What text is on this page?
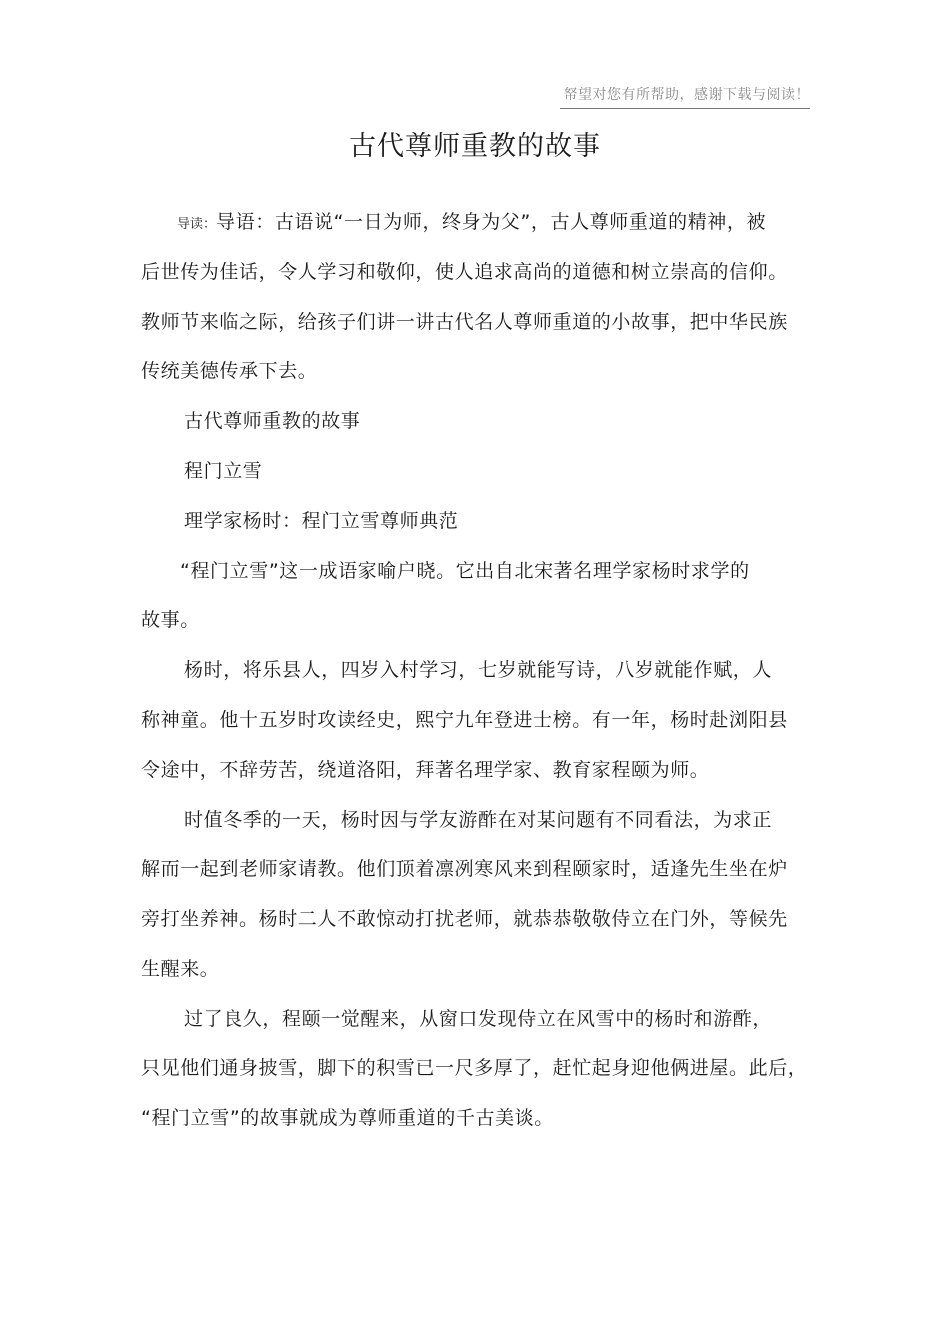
帑望对您有所帮助，感谢下载与阅读！
古代尊师重教的故事
导读：导语：古语说“一日为师，终身为父”，古人尊师重道的精神，被
后世传为佳话，令人学习和敬仰，使人追求高尚的道德和树立崇高的信仰。
教师节来临之际，给孩子们讲一讲古代名人尊师重道的小故事，把中华民族
传统美德传承下去。
古代尊师重教的故事
程门立雪
理学家杨时：程门立雪尊师典范
“程门立雪”这一成语家喻户晓。它出自北宋著名理学家杨时求学的
故事。
杨时，将乐县人，四岁入村学习，七岁就能写诗，八岁就能作赋，人
称神童。他十五岁时攻读经史，熙宁九年登进士榜。有一年，杨时赴浏阳县
令途中，不辞劳苦，绕道洛阳，拜著名理学家、教育家程颐为师。
时值冬季的一天，杨时因与学友游酢在对某问题有不同看法，为求正
解而一起到老师家请教。他们顶着凛冽寒风来到程颐家时，适逢先生坐在炉
旁打坐养神。杨时二人不敢惊动打扰老师，就恭恭敬敬侍立在门外，等候先
生醒来。
过了良久，程颐一觉醒来，从窗口发现侍立在风雪中的杨时和游酢，
只见他们通身披雪，脚下的积雪已一尺多厚了，赶忙起身迎他俩进屋。此后，
“程门立雪”的故事就成为尊师重道的千古美谈。
